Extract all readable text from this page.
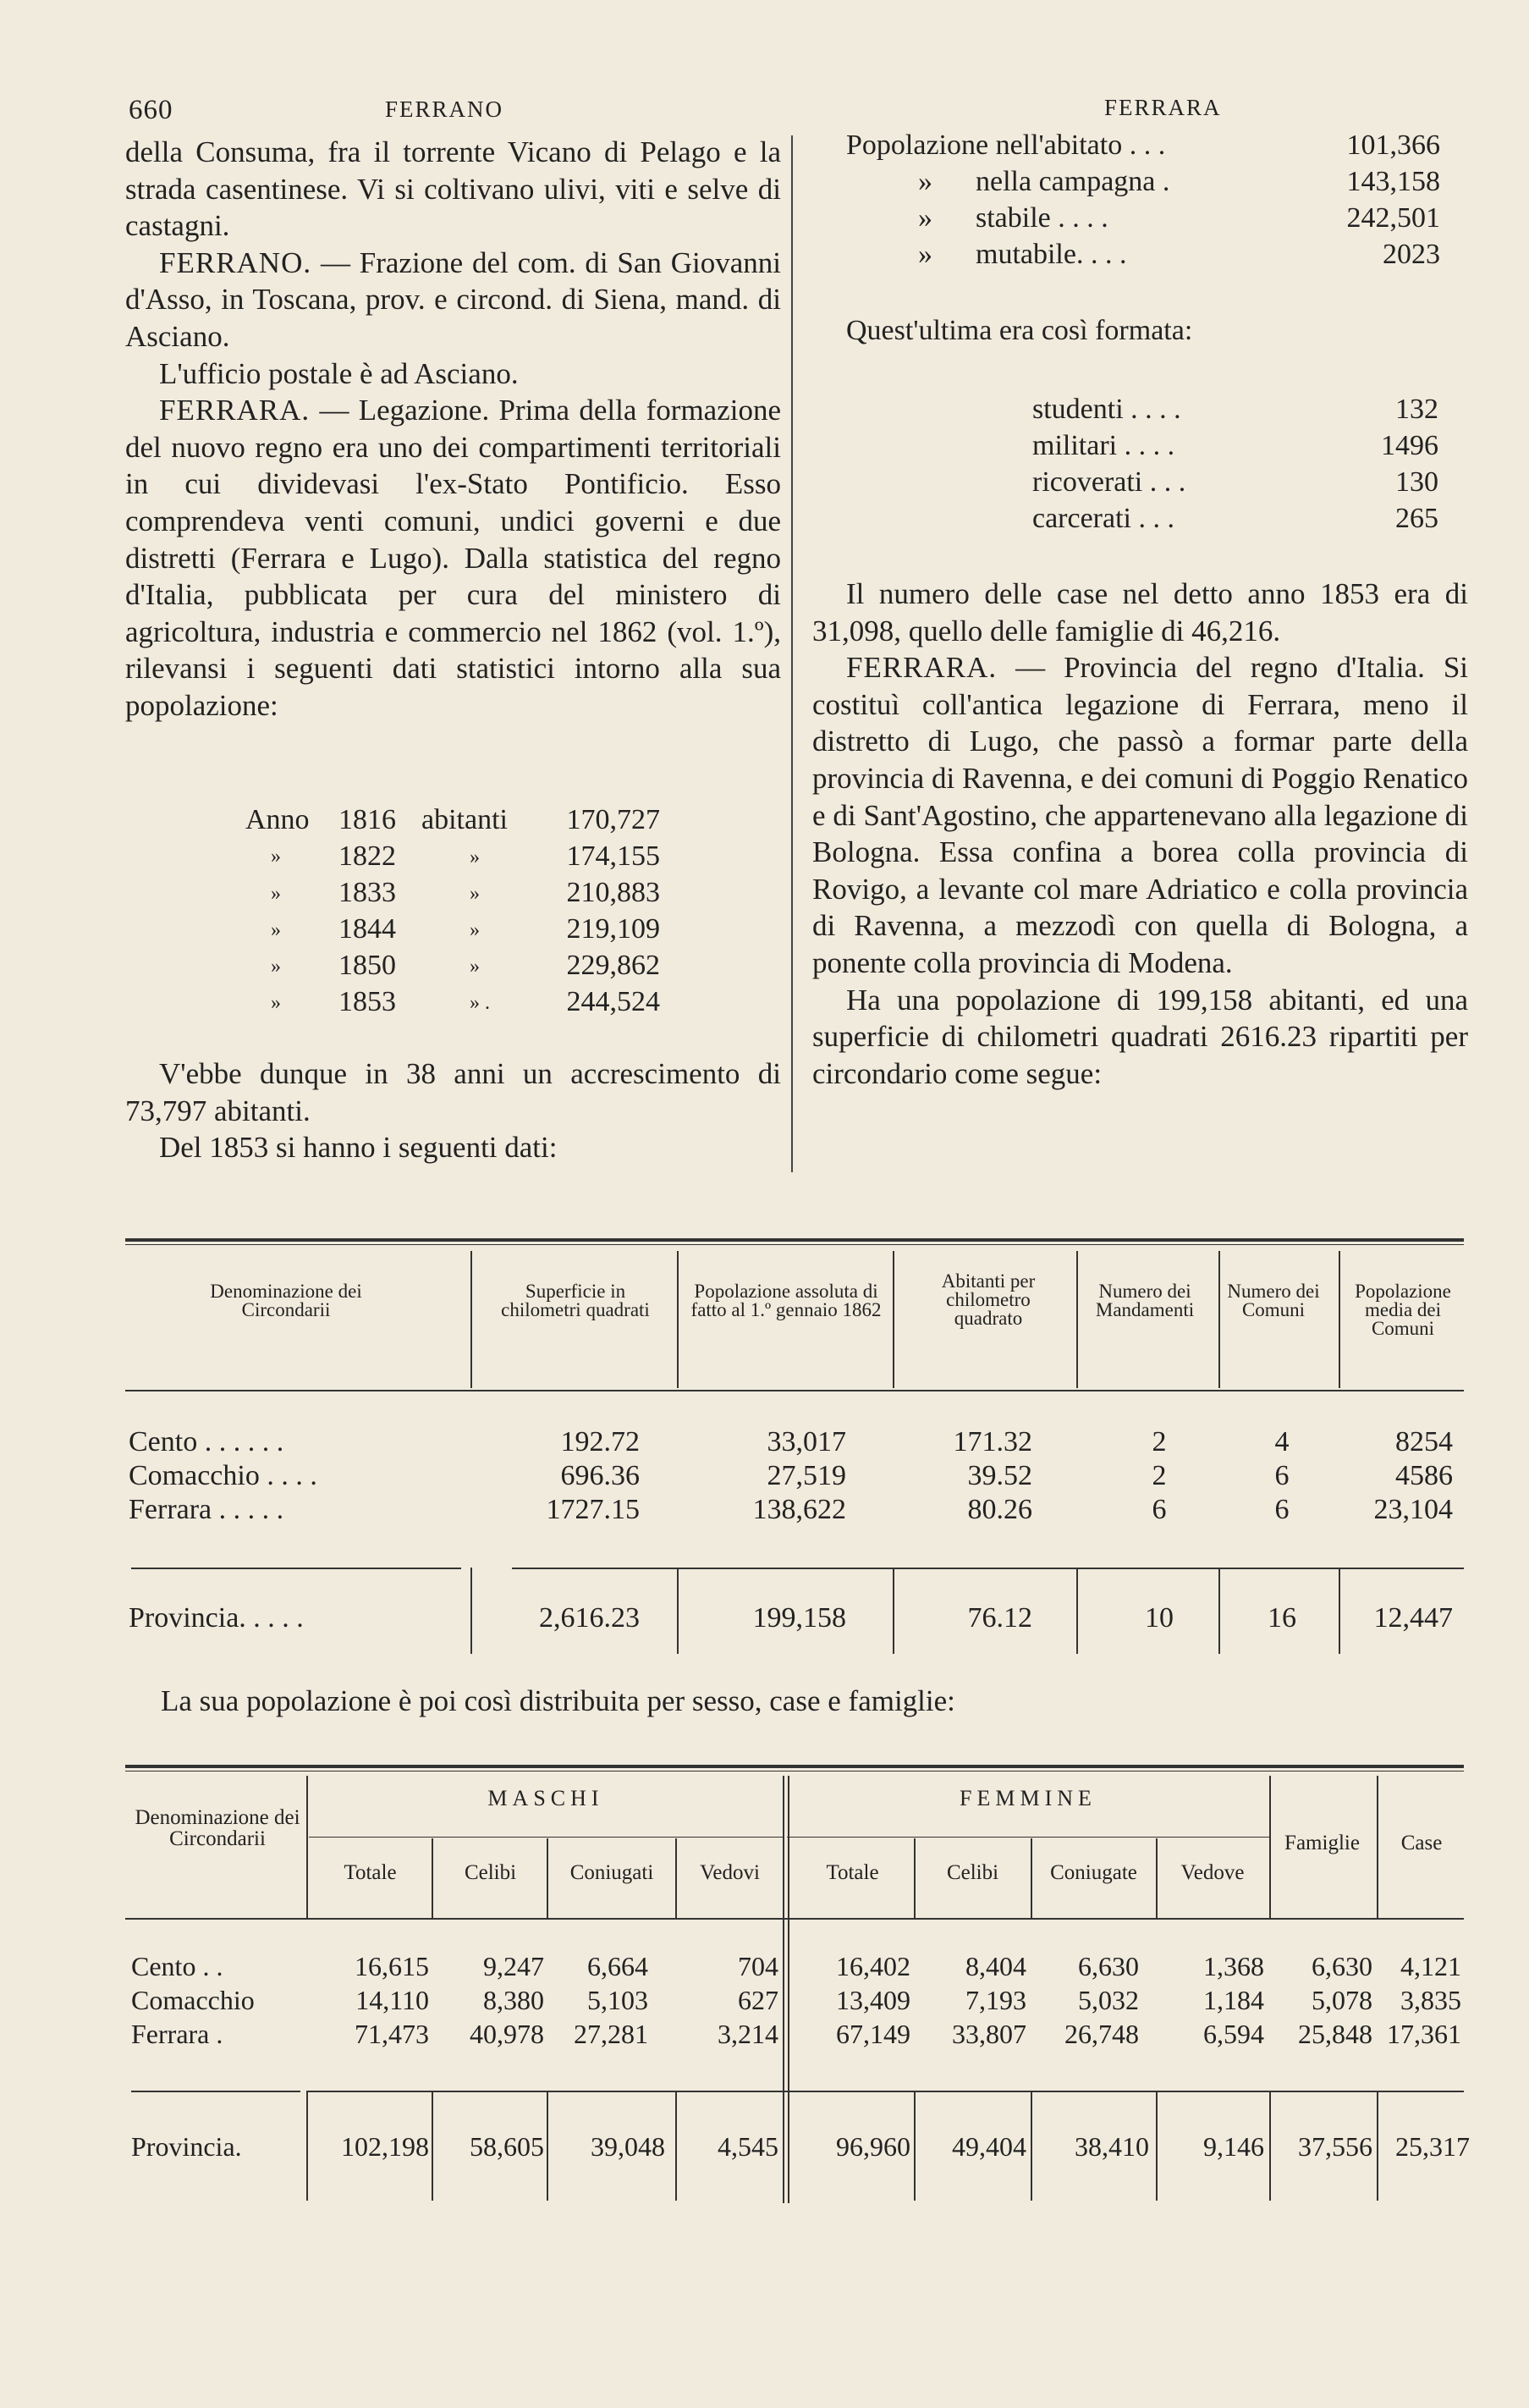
660	FERRANO	FERRARA

della Consuma, fra il torrente Vicano di Pelago e la strada casentinese. Vi si coltivano ulivi, viti e selve di castagni.

FERRANO. — Frazione del com. di San Giovanni d'Asso, in Toscana, prov. e circond. di Siena, mand. di Asciano.

L'ufficio postale è ad Asciano.

FERRARA. — Legazione. Prima della formazione del nuovo regno era uno dei compartimenti territoriali in cui dividevasi l'ex-Stato Pontificio. Esso comprendeva venti comuni, undici governi e due distretti (Ferrara e Lugo). Dalla statistica del regno d'Italia, pubblicata per cura del ministero di agricoltura, industria e commercio nel 1862 (vol. 1.º), rilevansi i seguenti dati statistici intorno alla sua popolazione:

Anno 1816 abitanti	170,727
» 1822	»	174,155
» 1833	»	210,883
» 1844	»	219,109
» 1850	»	229,862
» 1853	» .	244,524

V'ebbe dunque in 38 anni un accrescimento di 73,797 abitanti.

Del 1853 si hanno i seguenti dati:

Popolazione nell'abitato . . .	101,366
»      nella campagna .	143,158
»      stabile . . . .	242,501
»      mutabile. . . .	2023
Quest'ultima era così formata:
studenti . . . .	132
militari . . . .	1496
ricoverati . . .	130
carcerati . . .	265

Il numero delle case nel detto anno 1853 era di 31,098, quello delle famiglie di 46,216.

FERRARA. — Provincia del regno d'Italia. Si costituì coll'antica legazione di Ferrara, meno il distretto di Lugo, che passò a formar parte della provincia di Ravenna, e dei comuni di Poggio Renatico e di Sant'Agostino, che appartenevano alla legazione di Bologna. Essa confina a borea colla provincia di Rovigo, a levante col mare Adriatico e colla provincia di Ravenna, a mezzodì con quella di Bologna, a ponente colla provincia di Modena.

Ha una popolazione di 199,158 abitanti, ed una superficie di chilometri quadrati 2616.23 ripartiti per circondario come segue:

Denominazione dei Circondarii
Superficie in chilometri quadrati
Popolazione assoluta di fatto al 1.º gennaio 1862
Abitanti per chilometro quadrato
Numero dei Mandamenti
Numero dei Comuni
Popolazione media dei Comuni
Cento . . . . . .	192.72	33,017	171.32	2	4	8254
Comacchio . . . .	696.36	27,519	39.52	2	6	4586
Ferrara . . . . .	1727.15	138,622	80.26	6	6	23,104
Provincia. . . . .	2,616.23	199,158	76.12	10	16	12,447
La sua popolazione è poi così distribuita per sesso, case e famiglie:
Denominazione dei Circondarii
MASCHI	FEMMINE
Famiglie	Case
Totale	Celibi	Coniugati	Vedovi	Totale	Celibi	Coniugate	Vedove
Cento . .	16,615	9,247	6,664	704	16,402	8,404	6,630	1,368	6,630	4,121
Comacchio	14,110	8,380	5,103	627	13,409	7,193	5,032	1,184	5,078	3,835
Ferrara .	71,473	40,978	27,281	3,214	67,149	33,807	26,748	6,594	25,848 17,361
Provincia.	102,198	58,605	39,048	4,545	96,960	49,404	38,410	9,146	37,556 25,317
